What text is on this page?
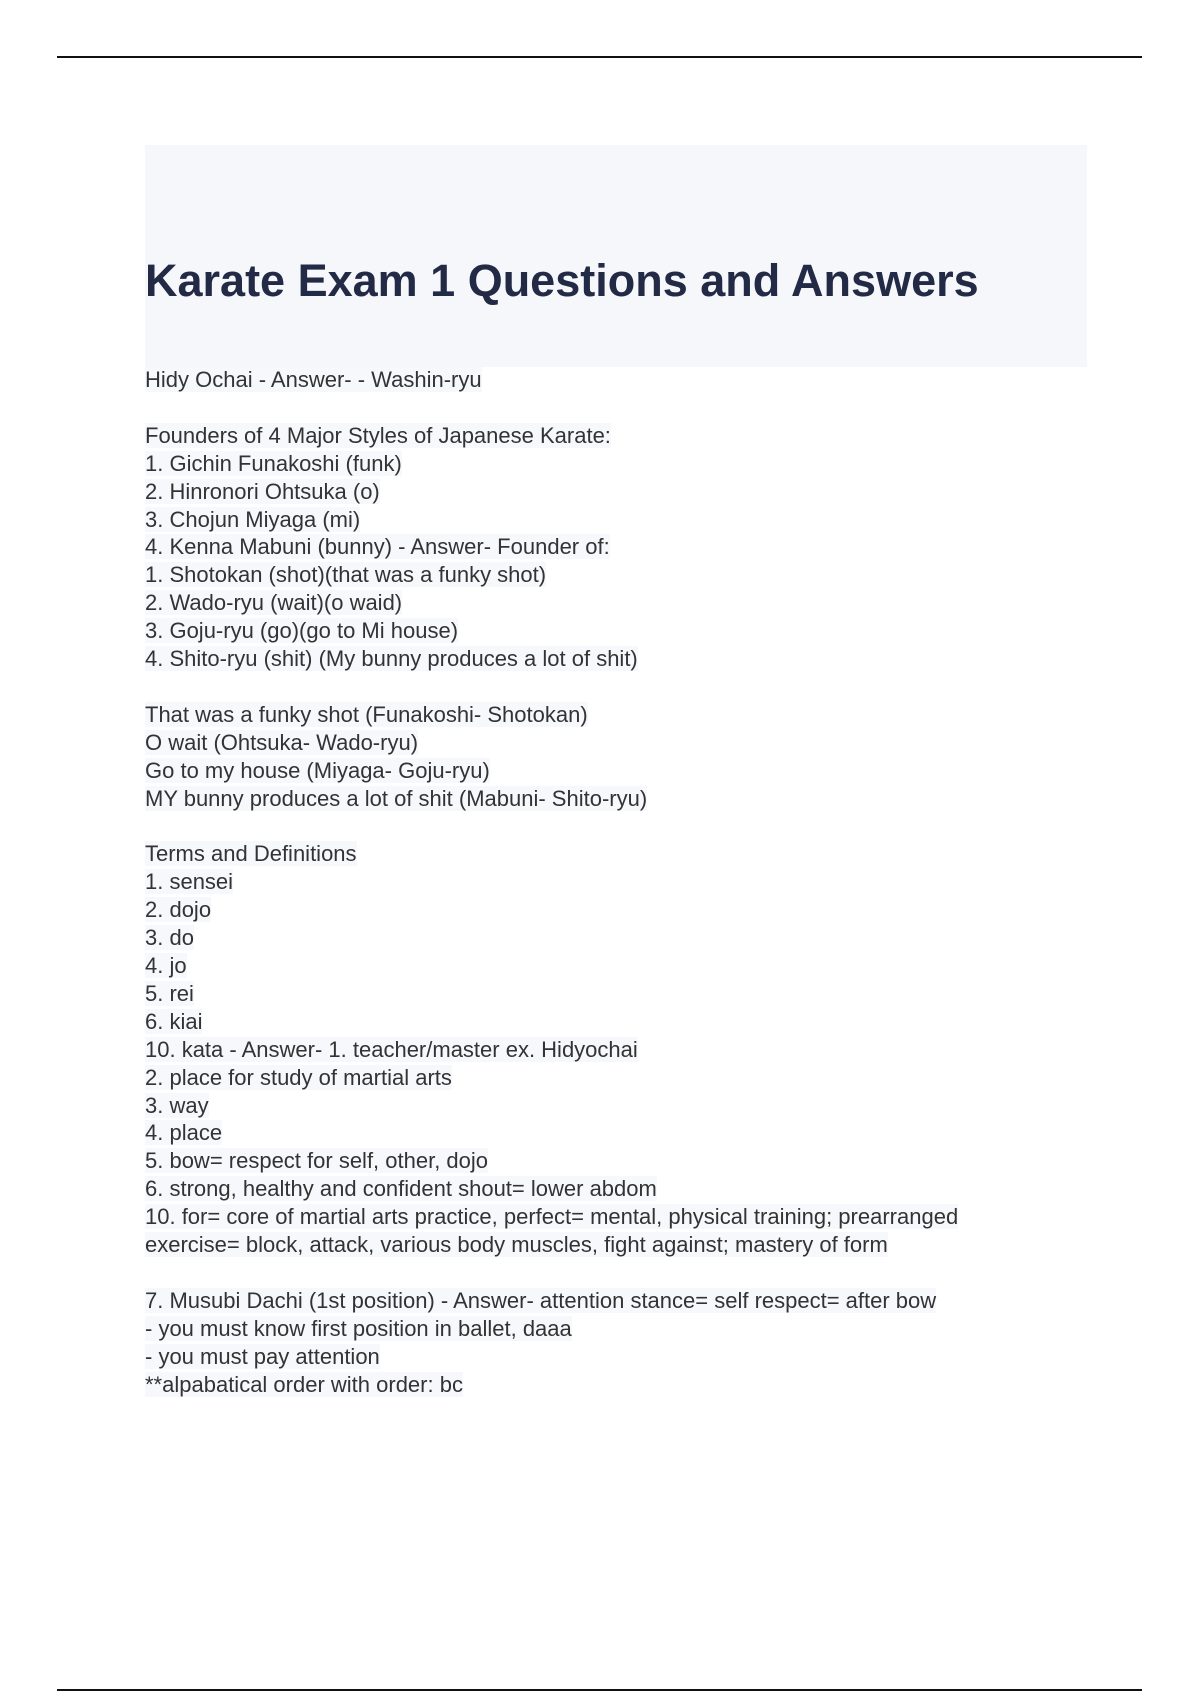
Karate Exam 1 Questions and Answers
Hidy Ochai - Answer- - Washin-ryu
Founders of 4 Major Styles of Japanese Karate:
1. Gichin Funakoshi (funk)
2. Hinronori Ohtsuka (o)
3. Chojun Miyaga (mi)
4. Kenna Mabuni (bunny) - Answer- Founder of:
1. Shotokan (shot)(that was a funky shot)
2. Wado-ryu (wait)(o waid)
3. Goju-ryu (go)(go to Mi house)
4. Shito-ryu (shit) (My bunny produces a lot of shit)
That was a funky shot (Funakoshi- Shotokan)
O wait (Ohtsuka- Wado-ryu)
Go to my house (Miyaga- Goju-ryu)
MY bunny produces a lot of shit (Mabuni- Shito-ryu)
Terms and Definitions
1. sensei
2. dojo
3. do
4. jo
5. rei
6. kiai
10. kata - Answer- 1. teacher/master ex. Hidyochai
2. place for study of martial arts
3. way
4. place
5. bow= respect for self, other, dojo
6. strong, healthy and confident shout= lower abdom
10. for= core of martial arts practice, perfect= mental, physical training; prearranged
exercise= block, attack, various body muscles, fight against; mastery of form
7. Musubi Dachi (1st position) - Answer- attention stance= self respect= after bow
- you must know first position in ballet, daaa
- you must pay attention
**alpabatical order with order: bc
